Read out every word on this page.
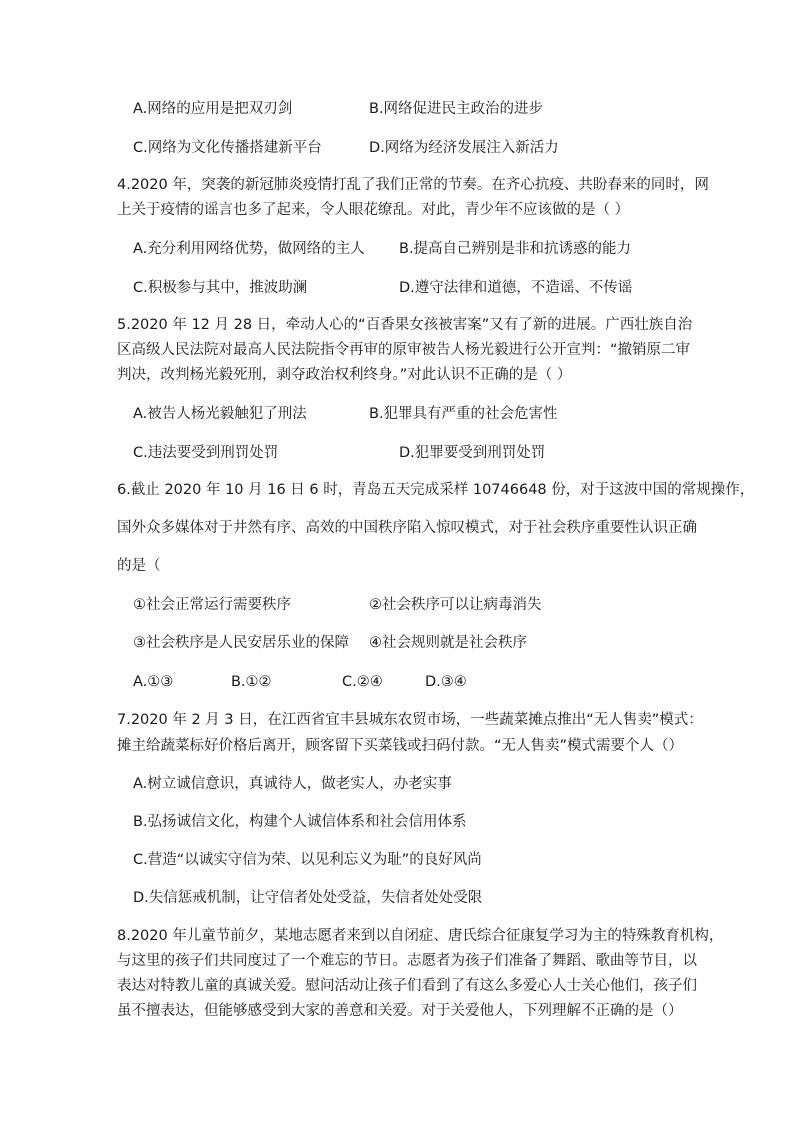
A.网络的应用是把双刃剑	B.网络促进民主政治的进步
C.网络为文化传播搭建新平台	D.网络为经济发展注入新活力
4.2020 年，突袭的新冠肺炎疫情打乱了我们正常的节奏。在齐心抗疫、共盼春来的同时，网
上关于疫情的谣言也多了起来，令人眼花缭乱。对此，青少年不应该做的是（ ）
A.充分利用网络优势，做网络的主人 B.提高自己辨别是非和抗诱惑的能力
C.积极参与其中，推波助澜	D.遵守法律和道德，不造谣、不传谣
5.2020 年 12 月 28 日，牵动人心的“百香果女孩被害案”又有了新的进展。广西壮族自治
区高级人民法院对最高人民法院指令再审的原审被告人杨光毅进行公开宣判：“撤销原二审
判决，改判杨光毅死刑，剥夺政治权利终身。”对此认识不正确的是（ ）
A.被告人杨光毅触犯了刑法	B.犯罪具有严重的社会危害性
C.违法要受到刑罚处罚	D.犯罪要受到刑罚处罚
6.截止 2020 年 10 月 16 日 6 时，青岛五天完成采样 10746648 份，对于这波中国的常规操作，
国外众多媒体对于井然有序、高效的中国秩序陷入惊叹模式，对于社会秩序重要性认识正确
的是（
①社会正常运行需要秩序	②社会秩序可以让病毒消失
③社会秩序是人民安居乐业的保障 ④社会规则就是社会秩序
A.①③	B.①②	C.②④	D.③④
7.2020 年 2 月 3 日，在江西省宜丰县城东农贸市场，一些蔬菜摊点推出“无人售卖”模式：
摊主给蔬菜标好价格后离开，顾客留下买菜钱或扫码付款。“无人售卖”模式需要个人（）
A.树立诚信意识，真诚待人，做老实人，办老实事
B.弘扬诚信文化，构建个人诚信体系和社会信用体系
C.营造“以诚实守信为荣、以见利忘义为耻”的良好风尚
D.失信惩戒机制，让守信者处处受益，失信者处处受限
8.2020 年儿童节前夕，某地志愿者来到以自闭症、唐氏综合征康复学习为主的特殊教育机构，
与这里的孩子们共同度过了一个难忘的节日。志愿者为孩子们准备了舞蹈、歌曲等节目，以
表达对特教儿童的真诚关爱。慰问活动让孩子们看到了有这么多爱心人士关心他们，孩子们
虽不擅表达，但能够感受到大家的善意和关爱。对于关爱他人，下列理解不正确的是（）
